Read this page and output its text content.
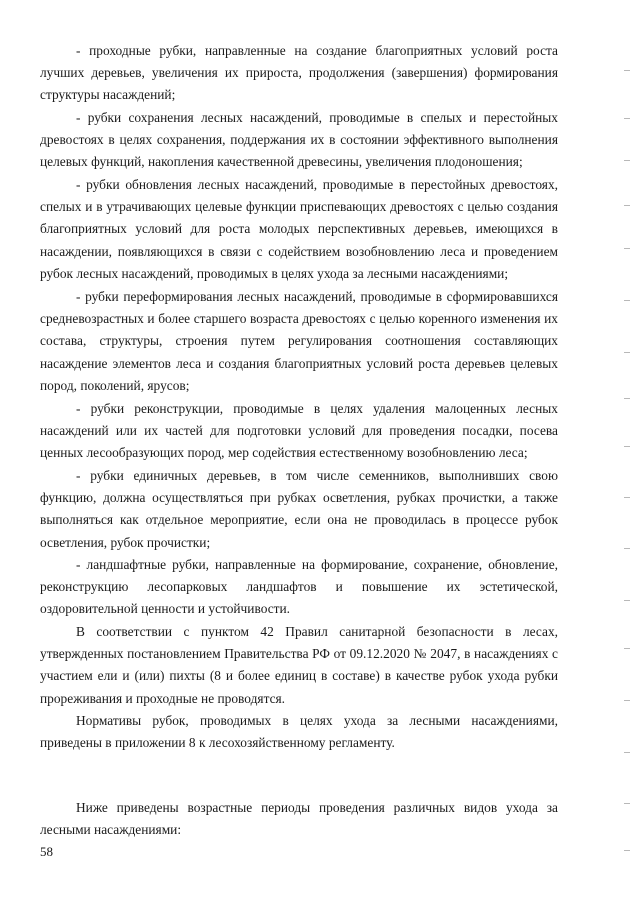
- проходные рубки, направленные на создание благоприятных условий роста лучших деревьев, увеличения их прироста, продолжения (завершения) формирования структуры насаждений;

- рубки сохранения лесных насаждений, проводимые в спелых и перестойных древостоях в целях сохранения, поддержания их в состоянии эффективного выполнения целевых функций, накопления качественной древесины, увеличения плодоношения;

- рубки обновления лесных насаждений, проводимые в перестойных древостоях, спелых и в утрачивающих целевые функции приспевающих древостоях с целью создания благоприятных условий для роста молодых перспективных деревьев, имеющихся в насаждении, появляющихся в связи с содействием возобновлению леса и проведением рубок лесных насаждений, проводимых в целях ухода за лесными насаждениями;

- рубки переформирования лесных насаждений, проводимые в сформировавшихся средневозрастных и более старшего возраста древостоях с целью коренного изменения их состава, структуры, строения путем регулирования соотношения составляющих насаждение элементов леса и создания благоприятных условий роста деревьев целевых пород, поколений, ярусов;

- рубки реконструкции, проводимые в целях удаления малоценных лесных насаждений или их частей для подготовки условий для проведения посадки, посева ценных лесообразующих пород, мер содействия естественному возобновлению леса;

- рубки единичных деревьев, в том числе семенников, выполнивших свою функцию, должна осуществляться при рубках осветления, рубках прочистки, а также выполняться как отдельное мероприятие, если она не проводилась в процессе рубок осветления, рубок прочистки;

- ландшафтные рубки, направленные на формирование, сохранение, обновление, реконструкцию лесопарковых ландшафтов и повышение их эстетической, оздоровительной ценности и устойчивости.

В соответствии с пунктом 42 Правил санитарной безопасности в лесах, утвержденных постановлением Правительства РФ от 09.12.2020 № 2047, в насаждениях с участием ели и (или) пихты (8 и более единиц в составе) в качестве рубок ухода рубки прореживания и проходные не проводятся.

Нормативы рубок, проводимых в целях ухода за лесными насаждениями, приведены в приложении 8 к лесохозяйственному регламенту.

Ниже приведены возрастные периоды проведения различных видов ухода за лесными насаждениями:

58
